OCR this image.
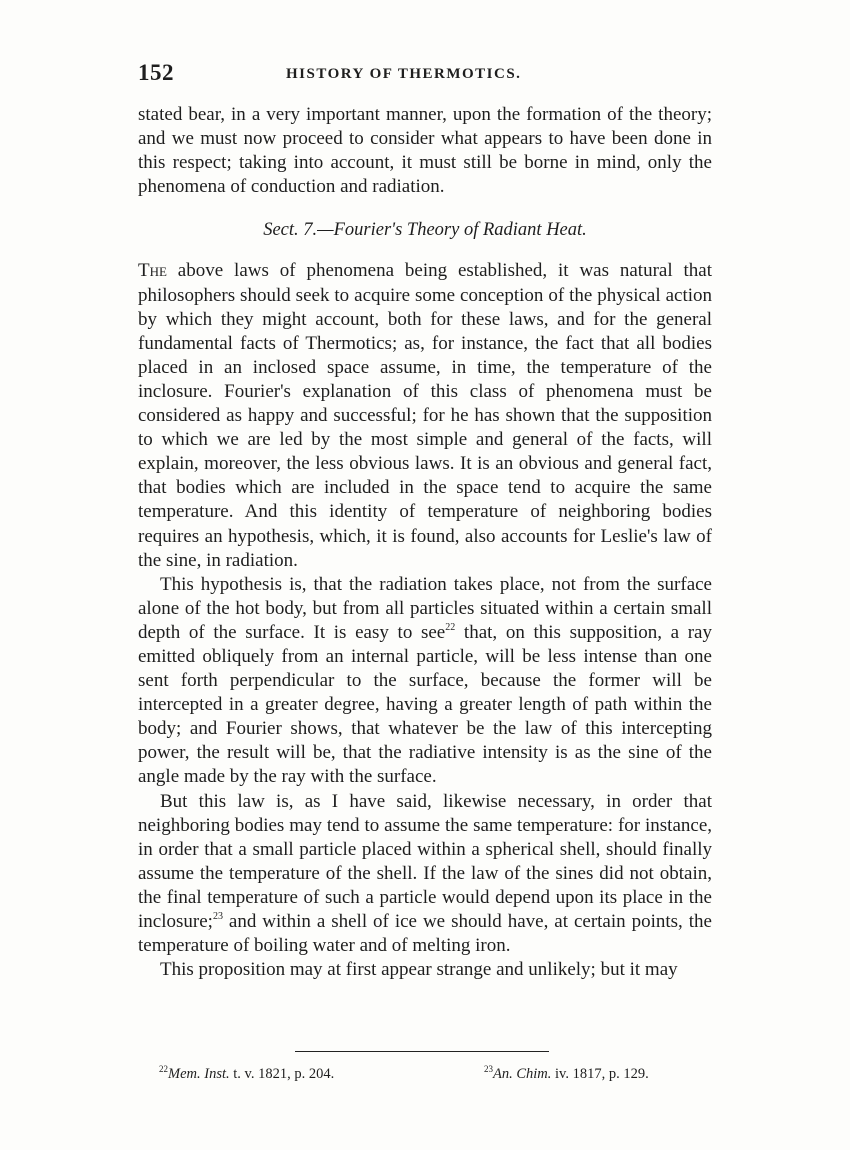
152	HISTORY OF THERMOTICS.

stated bear, in a very important manner, upon the formation of the theory; and we must now proceed to consider what appears to have been done in this respect; taking into account, it must still be borne in mind, only the phenomena of conduction and radiation.

Sect. 7.—Fourier's Theory of Radiant Heat.

The above laws of phenomena being established, it was natural that philosophers should seek to acquire some conception of the physical action by which they might account, both for these laws, and for the general fundamental facts of Thermotics; as, for instance, the fact that all bodies placed in an inclosed space assume, in time, the temperature of the inclosure. Fourier's explanation of this class of phenomena must be considered as happy and successful; for he has shown that the supposition to which we are led by the most simple and general of the facts, will explain, moreover, the less obvious laws. It is an obvious and general fact, that bodies which are included in the space tend to acquire the same temperature. And this identity of temperature of neighboring bodies requires an hypothesis, which, it is found, also accounts for Leslie's law of the sine, in radiation.

This hypothesis is, that the radiation takes place, not from the surface alone of the hot body, but from all particles situated within a certain small depth of the surface. It is easy to see$^{22}$ that, on this supposition, a ray emitted obliquely from an internal particle, will be less intense than one sent forth perpendicular to the surface, because the former will be intercepted in a greater degree, having a greater length of path within the body; and Fourier shows, that whatever be the law of this intercepting power, the result will be, that the radiative intensity is as the sine of the angle made by the ray with the surface.

But this law is, as I have said, likewise necessary, in order that neighboring bodies may tend to assume the same temperature: for instance, in order that a small particle placed within a spherical shell, should finally assume the temperature of the shell. If the law of the sines did not obtain, the final temperature of such a particle would depend upon its place in the inclosure;$^{23}$ and within a shell of ice we should have, at certain points, the temperature of boiling water and of melting iron.

This proposition may at first appear strange and unlikely; but it may

$^{22}$Mem. Inst. t. v. 1821, p. 204.	$^{23}$An. Chim. iv. 1817, p. 129.
